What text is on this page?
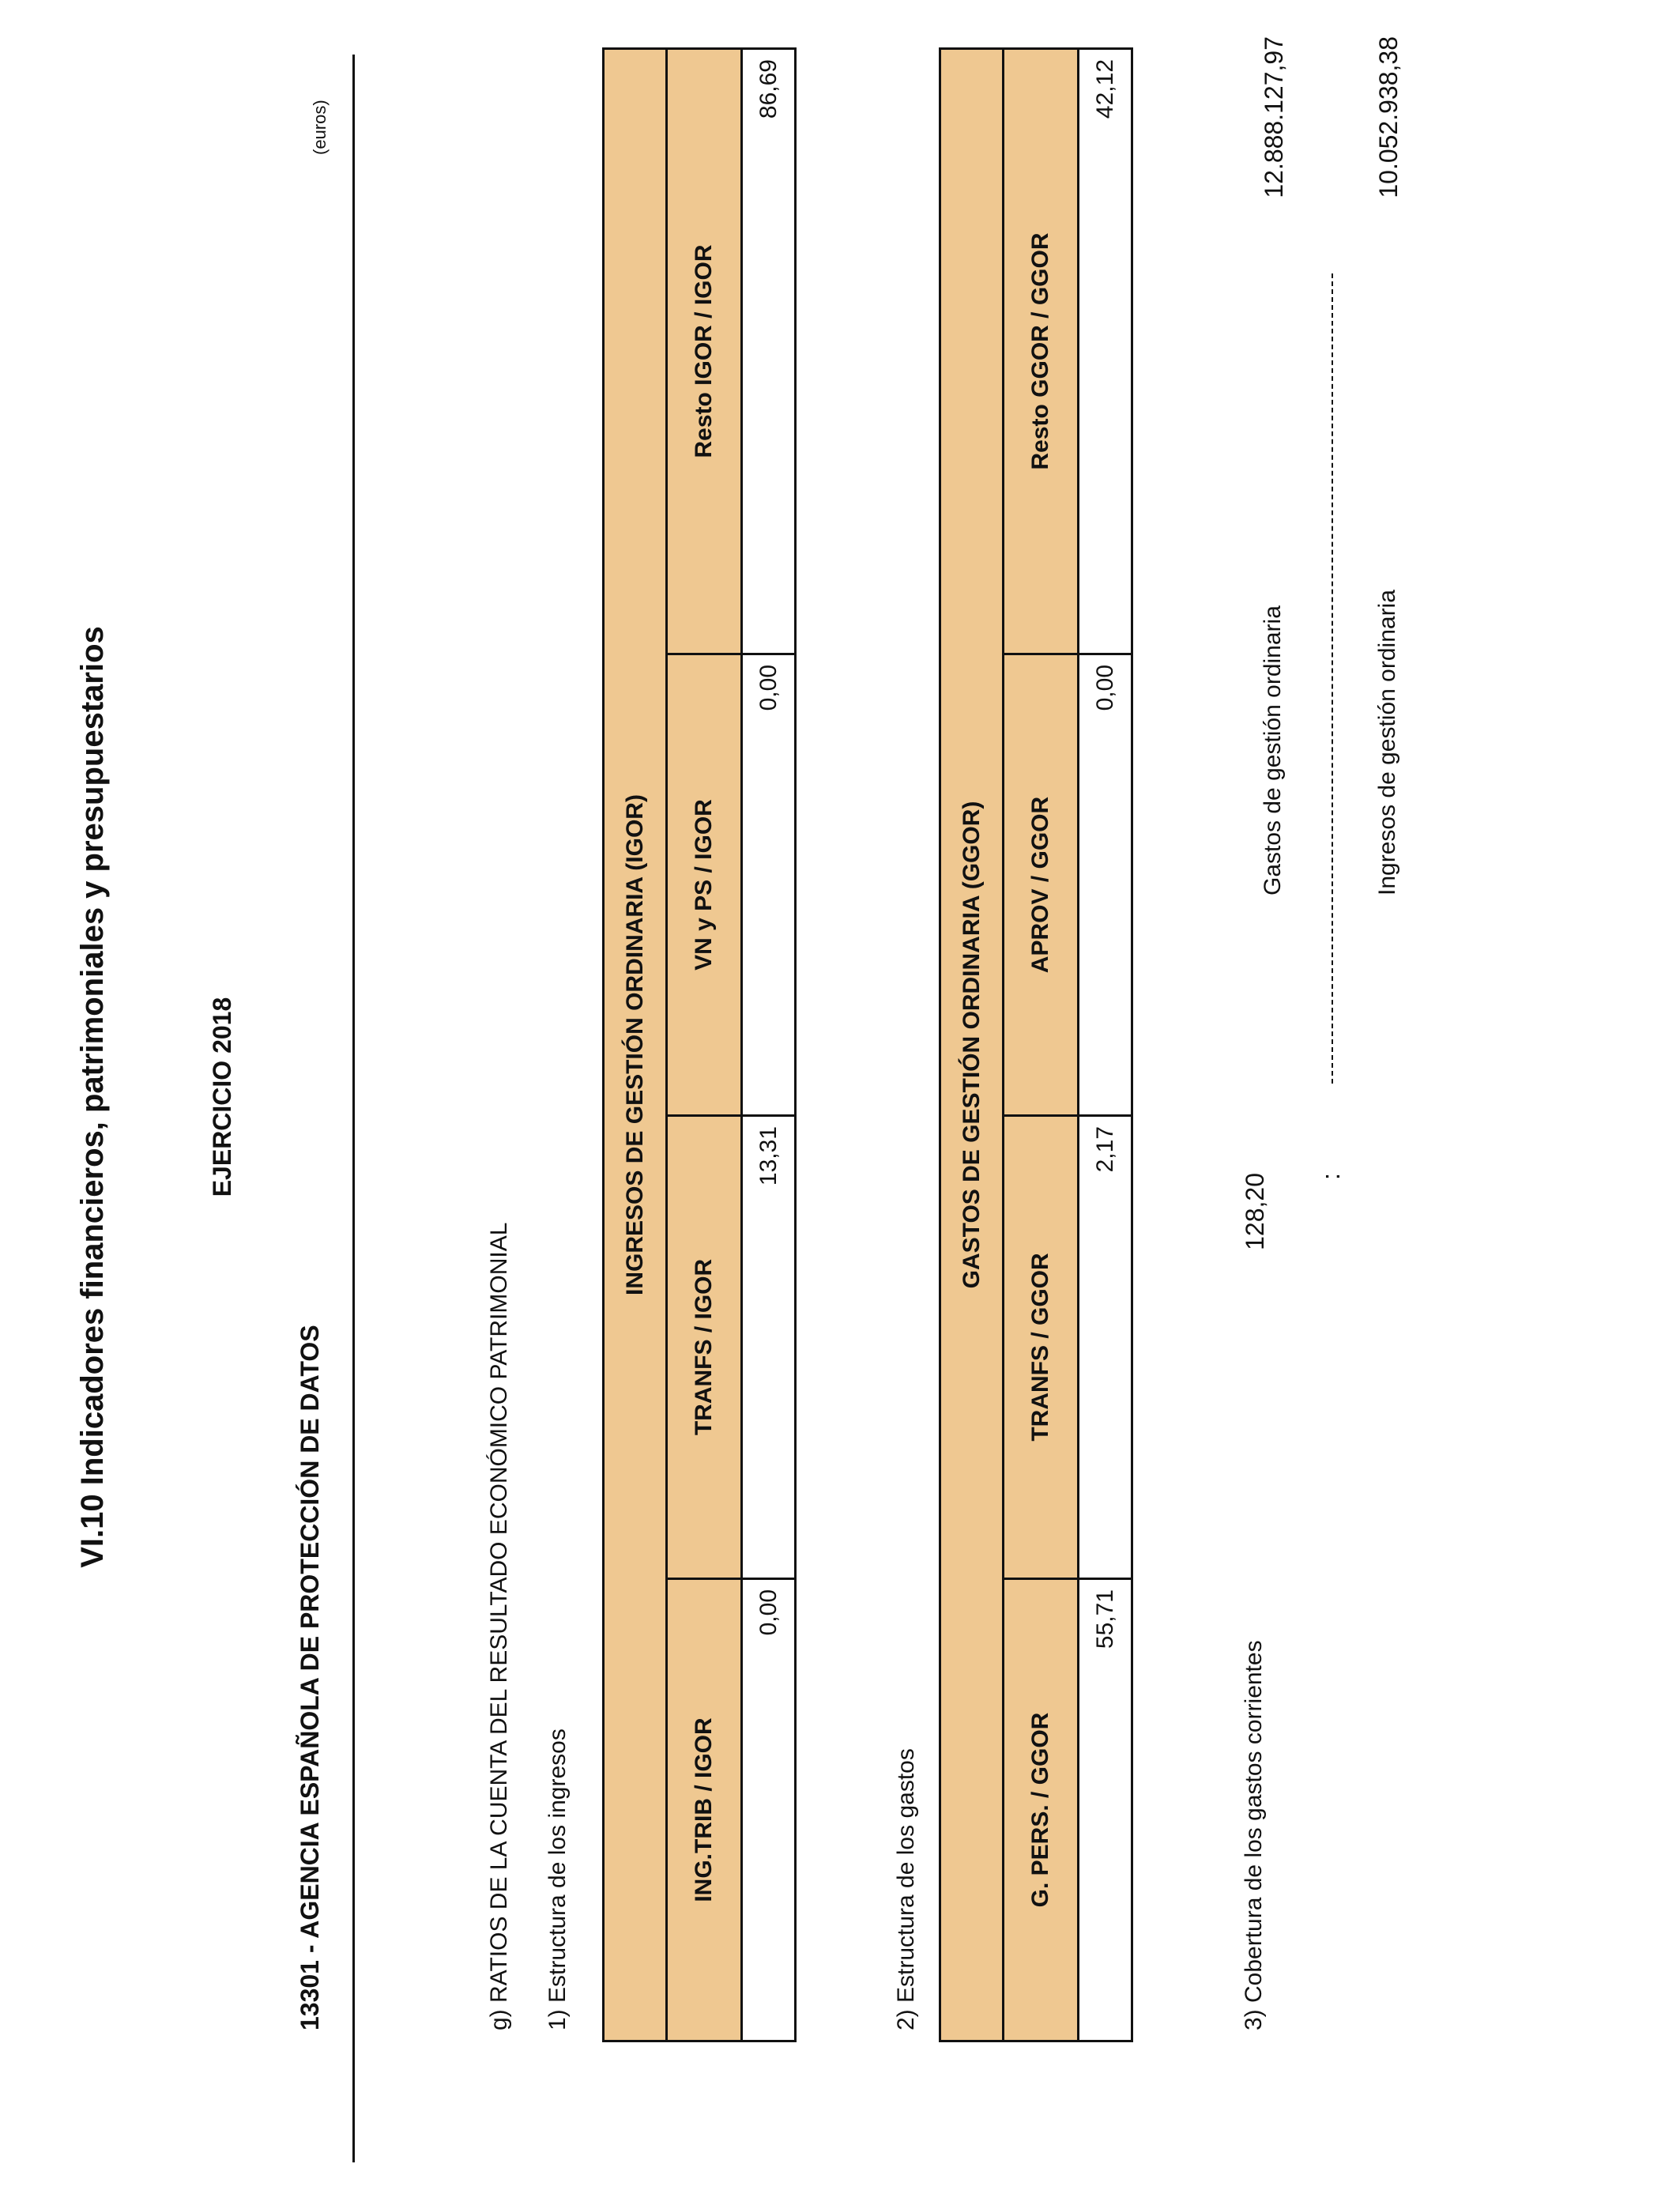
VI.10 Indicadores financieros, patrimoniales y presupuestarios
13301 - AGENCIA ESPAÑOLA DE PROTECCIÓN DE DATOS
EJERCICIO 2018
(euros)
g) RATIOS DE LA CUENTA DEL RESULTADO ECONÓMICO PATRIMONIAL 1) Estructura de los ingresos
INGRESOS DE GESTIÓN ORDINARIA (IGOR)			
ING.TRIB / IGOR	TRANFS / IGOR	VN y PS / IGOR	Resto IGOR / IGOR
0,00	13,31	0,00	86,69
2) Estructura de los gastos
GASTOS DE GESTIÓN ORDINARIA (GGOR)			
G. PERS. / GGOR	TRANFS / GGOR	APROV / GGOR	Resto GGOR / GGOR
55,71	2,17	0,00	42,12
3) Cobertura de los gastos corrientes
128,20 :
Gastos de gestión ordinaria
12.888.127,97
Ingresos de gestión ordinaria
10.052.938,38
